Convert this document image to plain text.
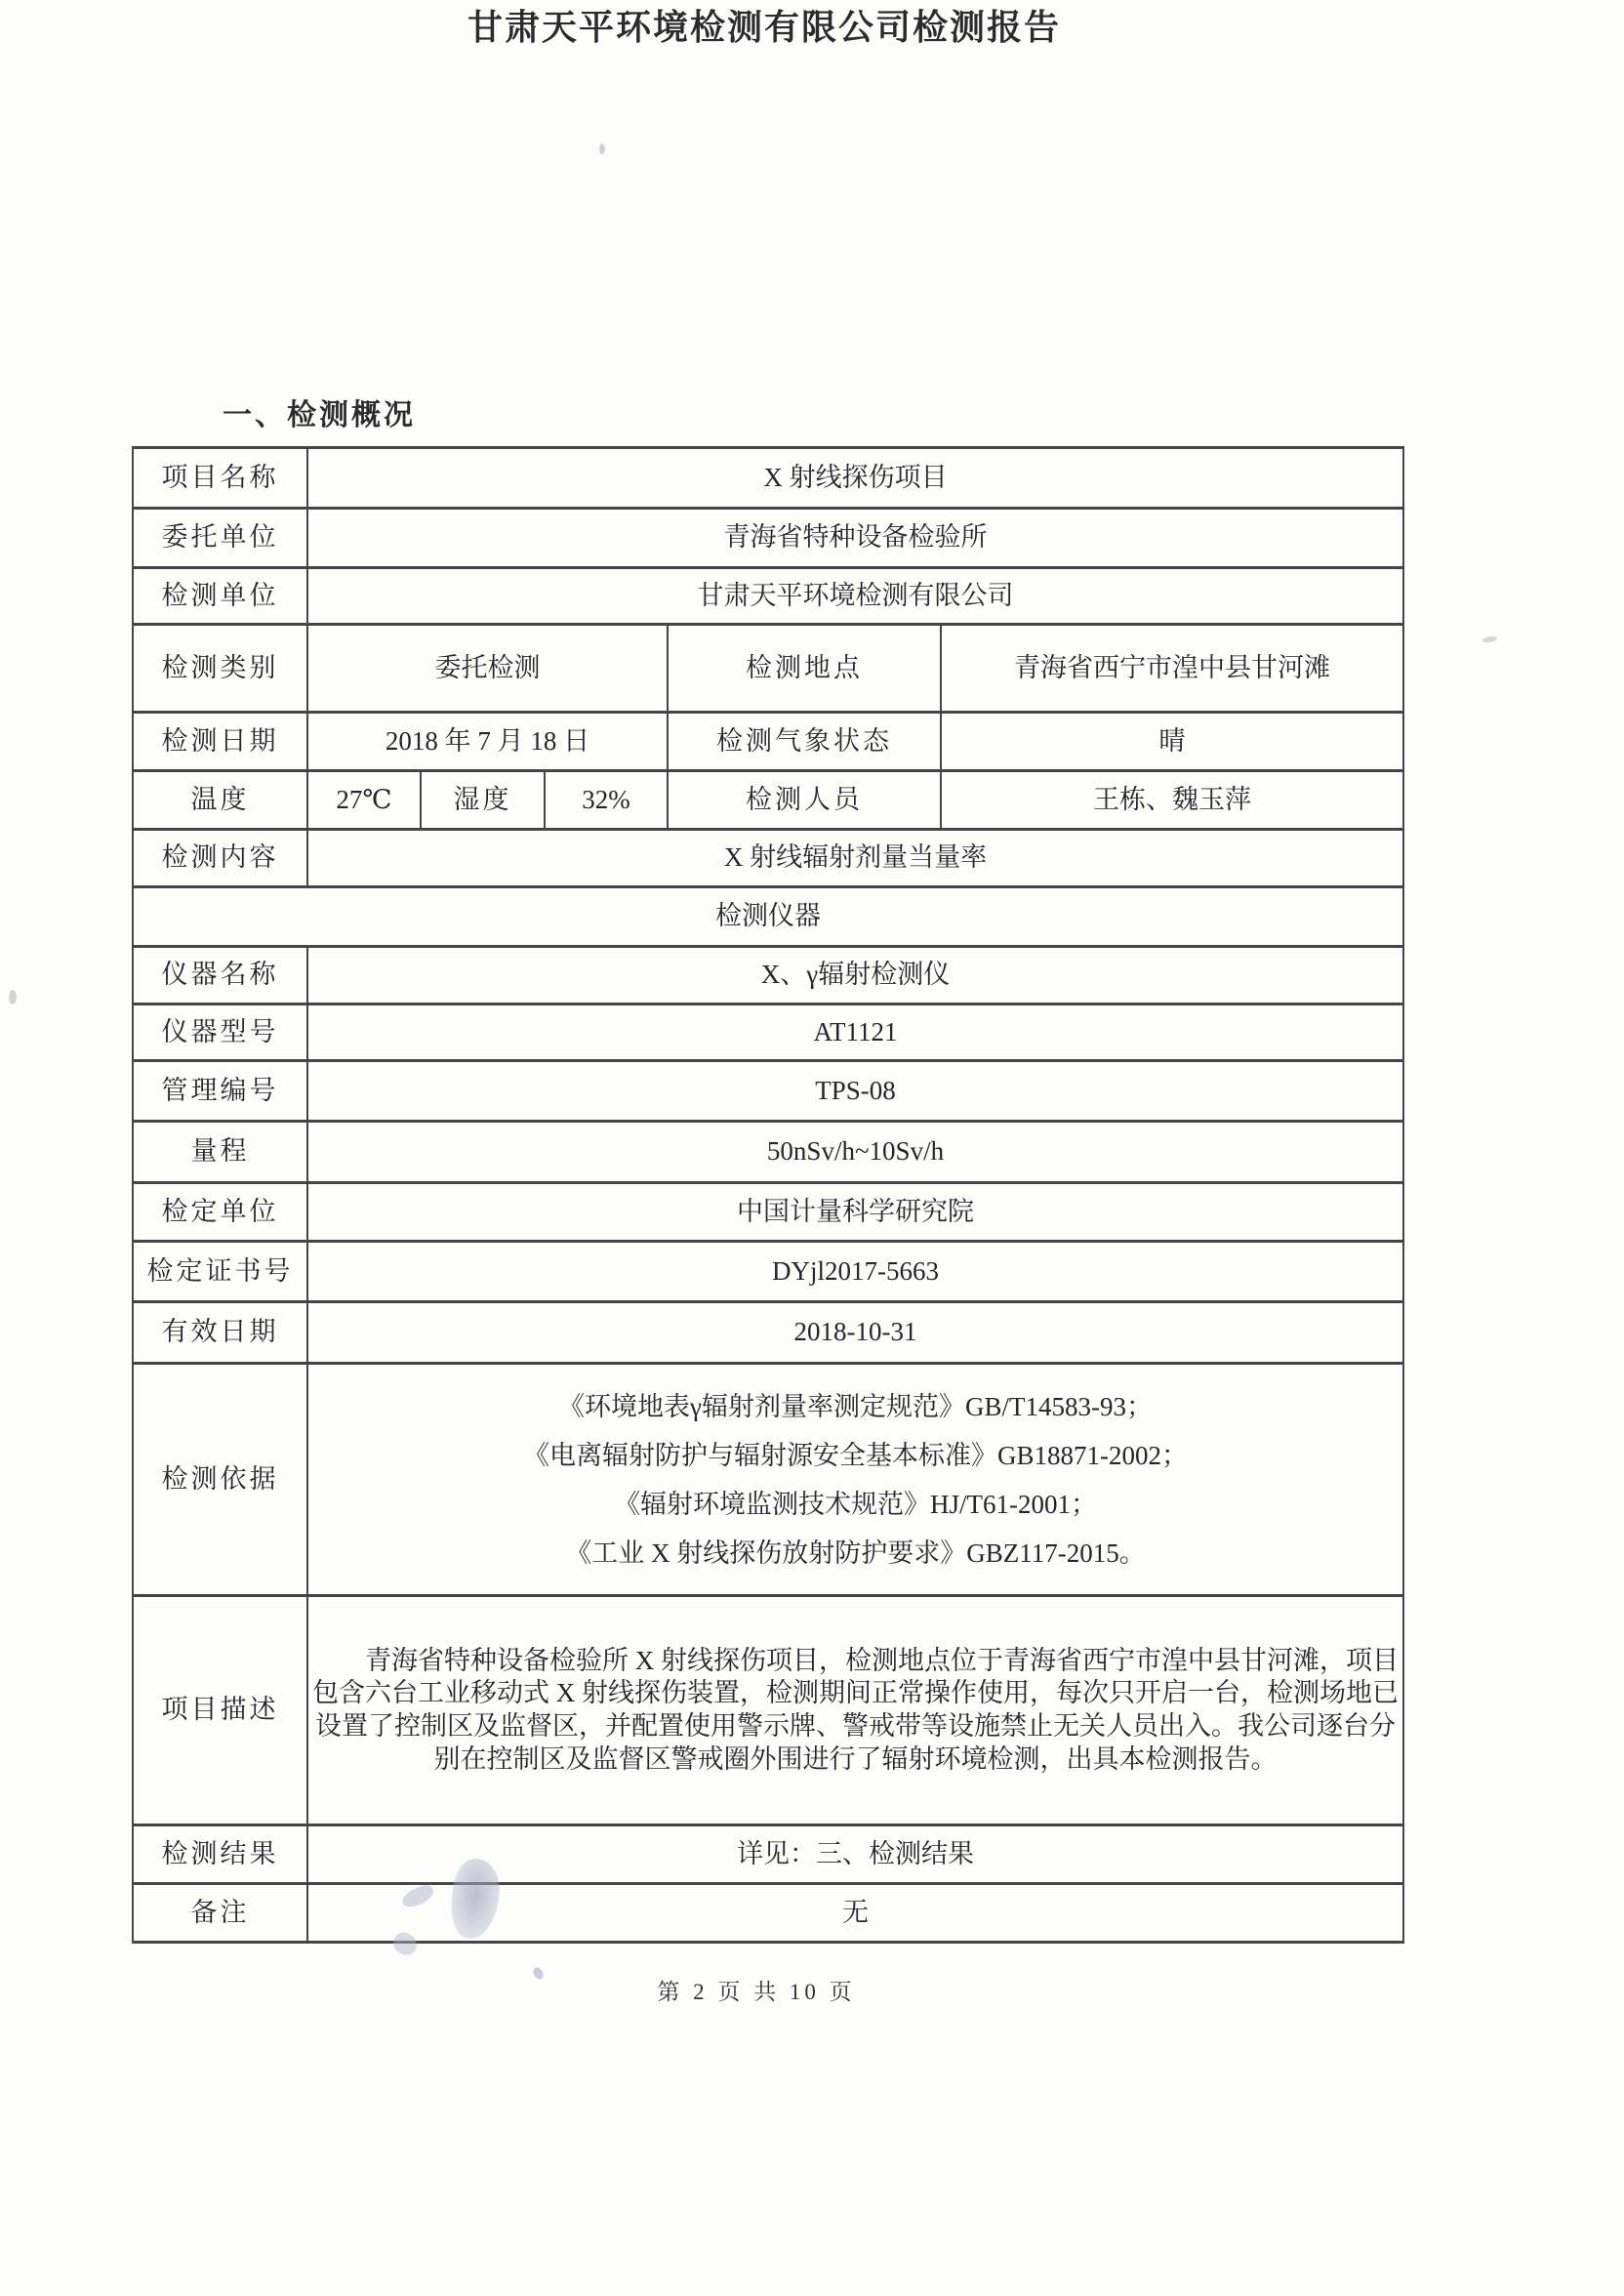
甘肃天平环境检测有限公司检测报告
一、检测概况
项目名称	X 射线探伤项目				
委托单位	青海省特种设备检验所				
检测单位	甘肃天平环境检测有限公司				
检测类别	委托检测			检测地点	青海省西宁市湟中县甘河滩
检测日期	2018 年 7 月 18 日			检测气象状态	晴
温度	27℃	湿度	32%	检测人员	王栋、魏玉萍
检测内容	X 射线辐射剂量当量率				
检测仪器					
仪器名称	X、γ辐射检测仪				
仪器型号	AT1121				
管理编号	TPS-08				
量程	50nSv/h~10Sv/h				
检定单位	中国计量科学研究院				
检定证书号	DYjl2017-5663				
有效日期	2018-10-31				
检测依据	《环境地表γ辐射剂量率测定规范》GB/T14583-93；
《电离辐射防护与辐射源安全基本标准》GB18871-2002；
《辐射环境监测技术规范》HJ/T61-2001；
《工业 X 射线探伤放射防护要求》GBZ117-2015。				

项目描述	青海省特种设备检验所 X 射线探伤项目，检测地点位于青海省西宁市湟中县甘河滩，项目包含六台工业移动式 X 射线探伤装置，检测期间正常操作使用，每次只开启一台，检测场地已设置了控制区及监督区，并配置使用警示牌、警戒带等设施禁止无关人员出入。我公司逐台分别在控制区及监督区警戒圈外围进行了辐射环境检测，出具本检测报告。				
检测结果	详见：三、检测结果				
备注	无				
第 2 页 共 10 页
